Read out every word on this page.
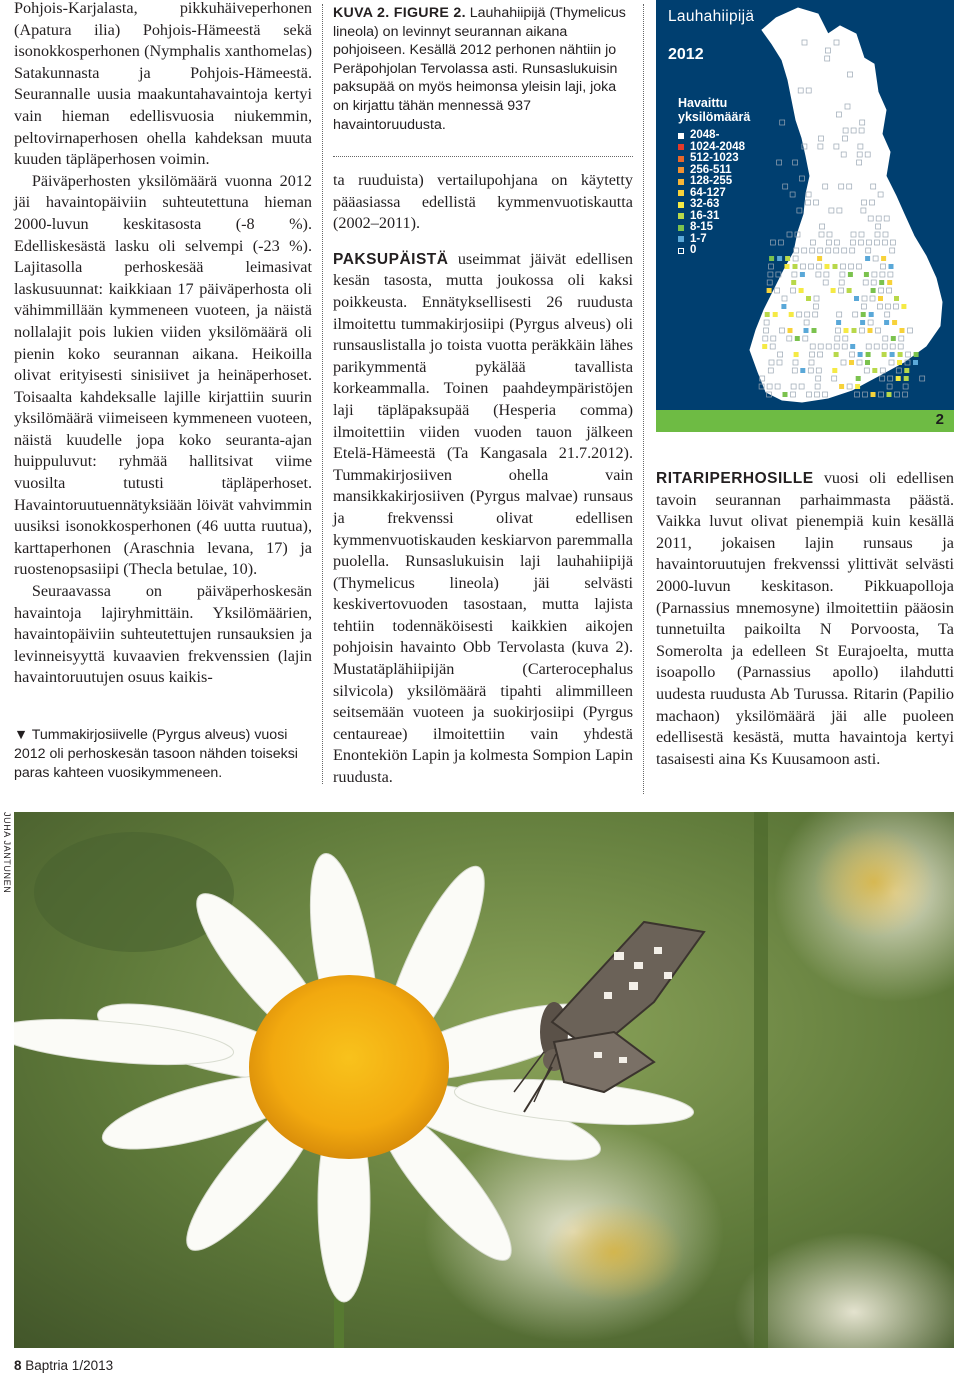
Pohjois-Karjalasta, pikkuhäiveperhonen (Apatura ilia) Pohjois-Hämeestä sekä isonokkosperhonen (Nymphalis xanthomelas) Satakunnasta ja Pohjois-Hämeestä. Seurannalle uusia maakuntahavaintoja kertyi vain hieman edellisvuosia niukemmin, peltovirnaperhosen ohella kahdeksan muuta kuuden täpläperhosen voimin.

Päiväperhosten yksilömäärä vuonna 2012 jäi havaintopäiviin suhteutettuna hieman 2000-luvun keskitasosta (-8 %). Edelliskesästä lasku oli selvempi (-23 %). Lajitasolla perhoskesää leimasivat laskusuunnat: kaikkiaan 17 päiväperhosta oli vähimmillään kymmeneen vuoteen, ja näistä nollalajit pois lukien viiden yksilömäärä oli pienin koko seurannan aikana. Heikoilla olivat erityisesti sinisiivet ja heinäperhoset. Toisaalta kahdeksalle lajille kirjattiin suurin yksilömäärä viimeiseen kymmeneen vuoteen, näistä kuudelle jopa koko seuranta-ajan huippuluvut: ryhmää hallitsivat viime vuosilta tutusti täpläperhoset. Havaintoruutuennätyksiään löivät vahvimmin uusiksi isonokkosperhonen (46 uutta ruutua), karttaperhonen (Araschnia levana, 17) ja ruostenopsasiipi (Thecla betulae, 10).

Seuraavassa on päiväperhoskesän havaintoja lajiryhmittäin. Yksilömäärien, havaintopäiviin suhteutettujen runsauksien ja levinneisyyttä kuvaavien frekvenssien (lajin havaintoruutujen osuus kaikis-

▼ Tummakirjosiivelle (Pyrgus alveus) vuosi 2012 oli perhoskesän tasoon nähden toiseksi paras kahteen vuosikymmeneen.
KUVA 2. FIGURE 2. Lauhahiipijä (Thymelicus lineola) on levinnyt seurannan aikana pohjoiseen. Kesällä 2012 perhonen nähtiin jo Peräpohjolan Tervolassa asti. Runsaslukuisin paksupää on myös heimonsa yleisin laji, joka on kirjattu tähän mennessä 937 havaintoruudusta.

ta ruuduista) vertailupohjana on käytetty pääasiassa edellistä kymmenvuotiskautta (2002–2011).

PAKSUPÄISTÄ useimmat jäivät edellisen kesän tasosta, mutta joukossa oli kaksi poikkeusta. Ennätyksellisesti 26 ruudusta ilmoitettu tummakirjosiipi (Pyrgus alveus) oli runsauslistalla jo toista vuotta peräkkäin lähes parikymmentä pykälää tavallista korkeammalla. Toinen paahdeympäristöjen laji täpläpaksupää (Hesperia comma) ilmoitettiin viiden vuoden tauon jälkeen Etelä-Hämeestä (Ta Kangasala 21.7.2012). Tummakirjosiiven ohella vain mansikkakirjosiiven (Pyrgus malvae) runsaus ja frekvenssi olivat edellisen kymmenvuotiskauden keskiarvon paremmalla puolella. Runsaslukuisin laji lauhahiipijä (Thymelicus lineola) jäi selvästi keskivertovuoden tasostaan, mutta lajista tehtiin todennäköisesti kaikkien aikojen pohjoisin havainto Obb Tervolasta (kuva 2). Mustatäplähiipijän (Carterocephalus silvicola) yksilömäärä tipahti alimmilleen seitsemään vuoteen ja suokirjosiipi (Pyrgus centaureae) ilmoitettiin vain yhdestä Enontekiön Lapin ja kolmesta Sompion Lapin ruudusta.

Lauhahiipijä
2012
Havaittu yksilömäärä
2048-
1024-2048
512-1023
256-511
128-255
64-127
32-63
16-31
8-15
1-7
0
2

RITARIPERHOSILLE vuosi oli edellisen tavoin seurannan parhaimmasta päästä. Vaikka luvut olivat pienempiä kuin kesällä 2011, jokaisen lajin runsaus ja havaintoruutujen frekvenssi ylittivät selvästi 2000-luvun keskitason. Pikkuapolloja (Parnassius mnemosyne) ilmoitettiin pääosin tunnetuilta paikoilta N Porvoosta, Ta Somerolta ja edelleen St Eurajoelta, mutta isoapollo (Parnassius apollo) ilahdutti uudesta ruudusta Ab Turussa. Ritarin (Papilio machaon) yksilömäärä jäi alle puoleen edellisestä kesästä, mutta havaintoja kertyi tasaisesti aina Ks Kuusamoon asti.

JUHA JANTUNEN
8 Baptria 1/2013
